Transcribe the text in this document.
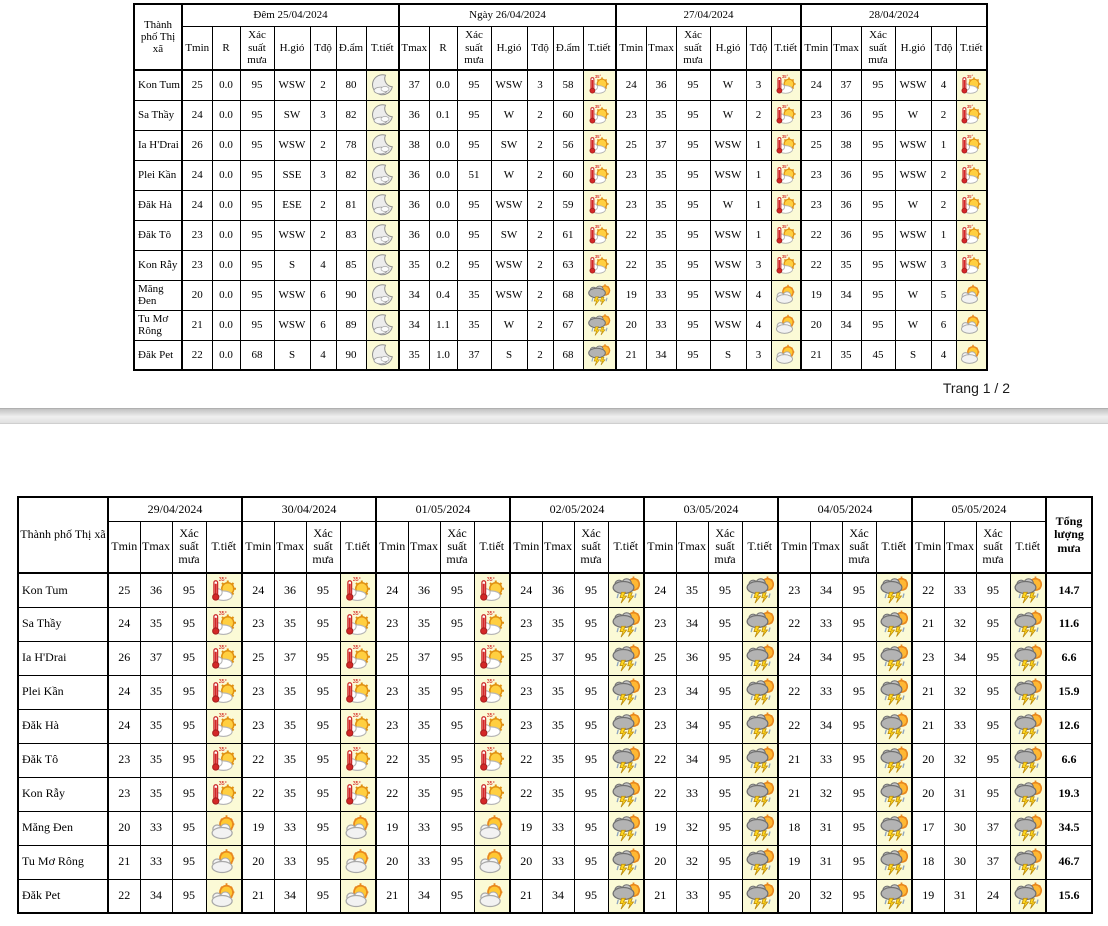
Thành phố Thị xã	Đêm 25/04/2024							Ngày 26/04/2024							27/04/2024						28/04/2024					
	Tmin	R	Xác suất mưa	H.gió	Tđộ	Đ.ẩm	T.tiết	Tmax	R	Xác suất mưa	H.gió	Tđộ	Đ.ẩm	T.tiết	Tmin	Tmax	Xác suất mưa	H.gió	Tđộ	T.tiết	Tmin	Tmax	Xác suất mưa	H.gió	Tđộ	T.tiết
Kon Tum	25	0.0	95	WSW	2	80		37	0.0	95	WSW	3	58		24	36	95	W	3		24	37	95	WSW	4	

Sa Thầy	24	0.0	95	SW	3	82		36	0.1	95	W	2	60		23	35	95	W	2		23	36	95	W	2	

Ia H'Drai	26	0.0	95	WSW	2	78		38	0.0	95	SW	2	56		25	37	95	WSW	1		25	38	95	WSW	1	

Plei Kần	24	0.0	95	SSE	3	82		36	0.0	51	W	2	60		23	35	95	WSW	1		23	36	95	WSW	2	

Đăk Hà	24	0.0	95	ESE	2	81		36	0.0	95	WSW	2	59		23	35	95	W	1		23	36	95	W	2	

Đăk Tô	23	0.0	95	WSW	2	83		36	0.0	95	SW	2	61		22	35	95	WSW	1		22	36	95	WSW	1	

Kon Rẫy	23	0.0	95	S	4	85		35	0.2	95	WSW	2	63		22	35	95	WSW	3		22	35	95	WSW	3	

Măng Đen	20	0.0	95	WSW	6	90		34	0.4	35	WSW	2	68		19	33	95	WSW	4		19	34	95	W	5	

Tu Mơ Rông	21	0.0	95	WSW	6	89		34	1.1	35	W	2	67		20	33	95	WSW	4		20	34	95	W	6	

Đăk Pet	22	0.0	68	S	4	90		35	1.0	37	S	2	68		21	34	95	S	3		21	35	45	S	4	
Trang 1 / 2
Thành phố Thị xã	29/04/2024				30/04/2024				01/05/2024				02/05/2024				03/05/2024				04/05/2024				05/05/2024				Tổng lượng mưa
	Tmin	Tmax	Xác suất mưa	T.tiết	Tmin	Tmax	Xác suất mưa	T.tiết	Tmin	Tmax	Xác suất mưa	T.tiết	Tmin	Tmax	Xác suất mưa	T.tiết	Tmin	Tmax	Xác suất mưa	T.tiết	Tmin	Tmax	Xác suất mưa	T.tiết	Tmin	Tmax	Xác suất mưa	T.tiết	
Kon Tum	25	36	95		24	36	95		24	36	95		24	36	95		24	35	95		23	34	95		22	33	95		14.7
Sa Thầy	24	35	95		23	35	95		23	35	95		23	35	95		23	34	95		22	33	95		21	32	95		11.6
Ia H'Drai	26	37	95		25	37	95		25	37	95		25	37	95		25	36	95		24	34	95		23	34	95		6.6
Plei Kần	24	35	95		23	35	95		23	35	95		23	35	95		23	34	95		22	33	95		21	32	95		15.9
Đăk Hà	24	35	95		23	35	95		23	35	95		23	35	95		23	34	95		22	34	95		21	33	95		12.6
Đăk Tô	23	35	95		22	35	95		22	35	95		22	35	95		22	34	95		21	33	95		20	32	95		6.6
Kon Rẫy	23	35	95		22	35	95		22	35	95		22	35	95		22	33	95		21	32	95		20	31	95		19.3
Măng Đen	20	33	95		19	33	95		19	33	95		19	33	95		19	32	95		18	31	95		17	30	37		34.5
Tu Mơ Rông	21	33	95		20	33	95		20	33	95		20	33	95		20	32	95		19	31	95		18	30	37		46.7
Đăk Pet	22	34	95		21	34	95		21	34	95		21	34	95		21	33	95		20	32	95		19	31	24		15.6
